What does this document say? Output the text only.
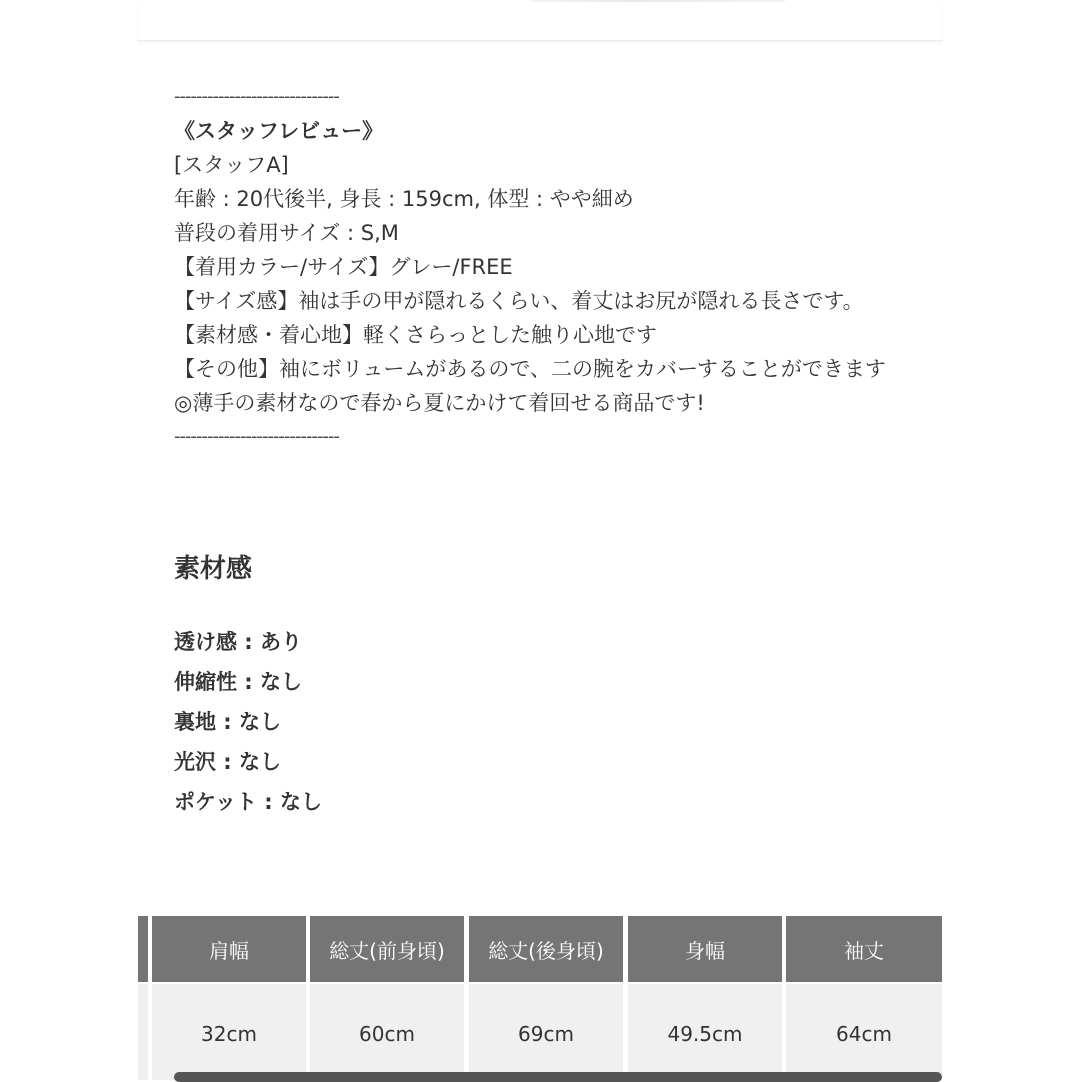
------------------------------
《スタッフレビュー》
[スタッフA]
年齢 : 20代後半, 身長 : 159cm, 体型 : やや細め
普段の着用サイズ : S,M
【着用カラー/サイズ】グレー/FREE
【サイズ感】袖は手の甲が隠れるくらい、着丈はお尻が隠れる長さです。
【素材感・着心地】軽くさらっとした触り心地です
【その他】袖にボリュームがあるので、二の腕をカバーすることができます◎薄手の素材なので春から夏にかけて着回せる商品です!
------------------------------
素材感
透け感 : あり
伸縮性 : なし
裏地 : なし
光沢 : なし
ポケット : なし
肩幅	総丈(前身頃)	総丈(後身頃)	身幅	袖丈
32cm	60cm	69cm	49.5cm	64cm
